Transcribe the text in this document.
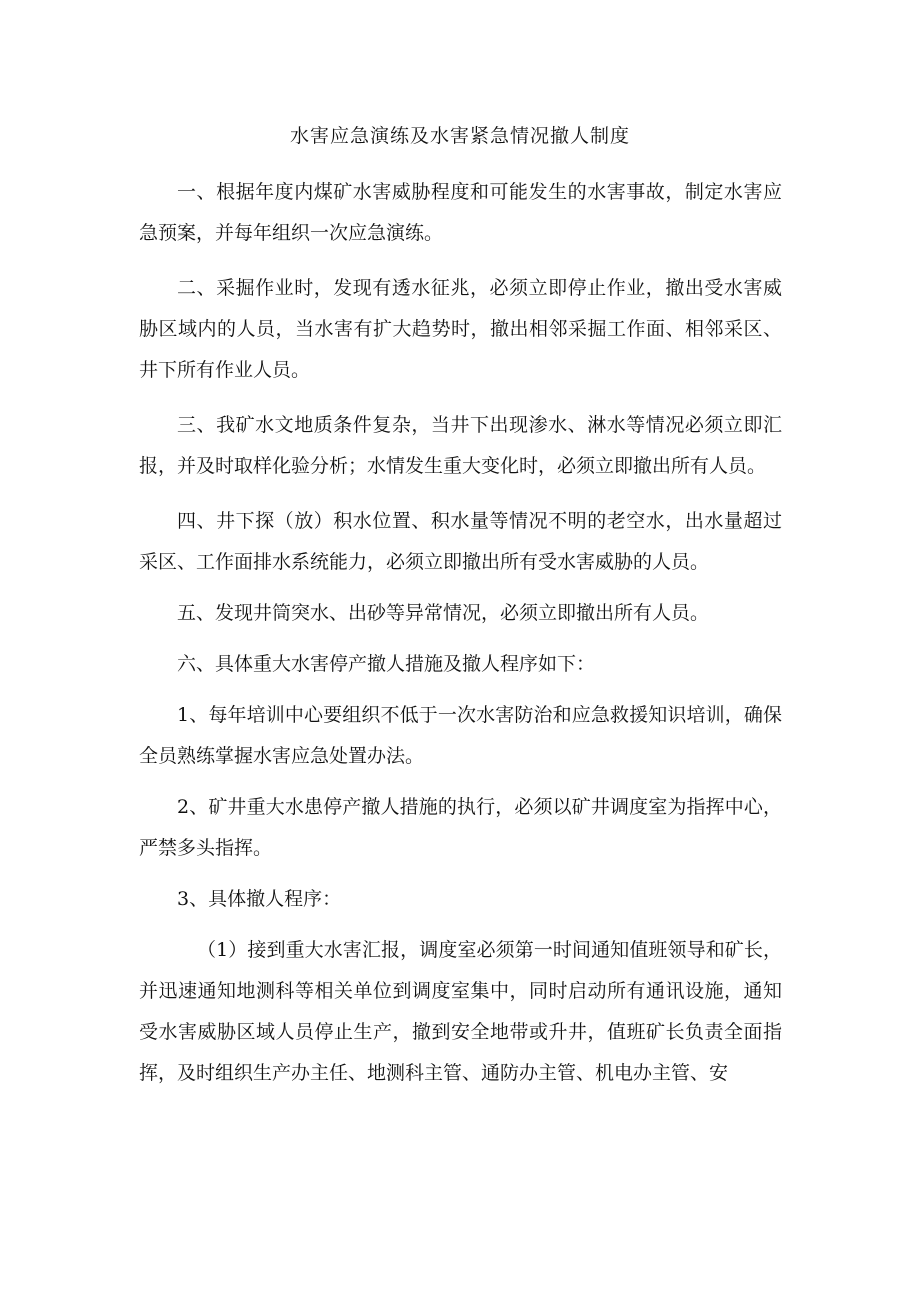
水害应急演练及水害紧急情况撤人制度

一、根据年度内煤矿水害威胁程度和可能发生的水害事故，制定水害应急预案，并每年组织一次应急演练。

二、采掘作业时，发现有透水征兆，必须立即停止作业，撤出受水害威胁区域内的人员，当水害有扩大趋势时，撤出相邻采掘工作面、相邻采区、井下所有作业人员。

三、我矿水文地质条件复杂，当井下出现渗水、淋水等情况必须立即汇报，并及时取样化验分析；水情发生重大变化时，必须立即撤出所有人员。

四、井下探（放）积水位置、积水量等情况不明的老空水，出水量超过采区、工作面排水系统能力，必须立即撤出所有受水害威胁的人员。

五、发现井筒突水、出砂等异常情况，必须立即撤出所有人员。

六、具体重大水害停产撤人措施及撤人程序如下：

1、每年培训中心要组织不低于一次水害防治和应急救援知识培训，确保全员熟练掌握水害应急处置办法。

2、矿井重大水患停产撤人措施的执行，必须以矿井调度室为指挥中心，严禁多头指挥。

3、具体撤人程序：

（1）接到重大水害汇报，调度室必须第一时间通知值班领导和矿长，并迅速通知地测科等相关单位到调度室集中，同时启动所有通讯设施，通知受水害威胁区域人员停止生产，撤到安全地带或升井，值班矿长负责全面指挥，及时组织生产办主任、地测科主管、通防办主管、机电办主管、安
